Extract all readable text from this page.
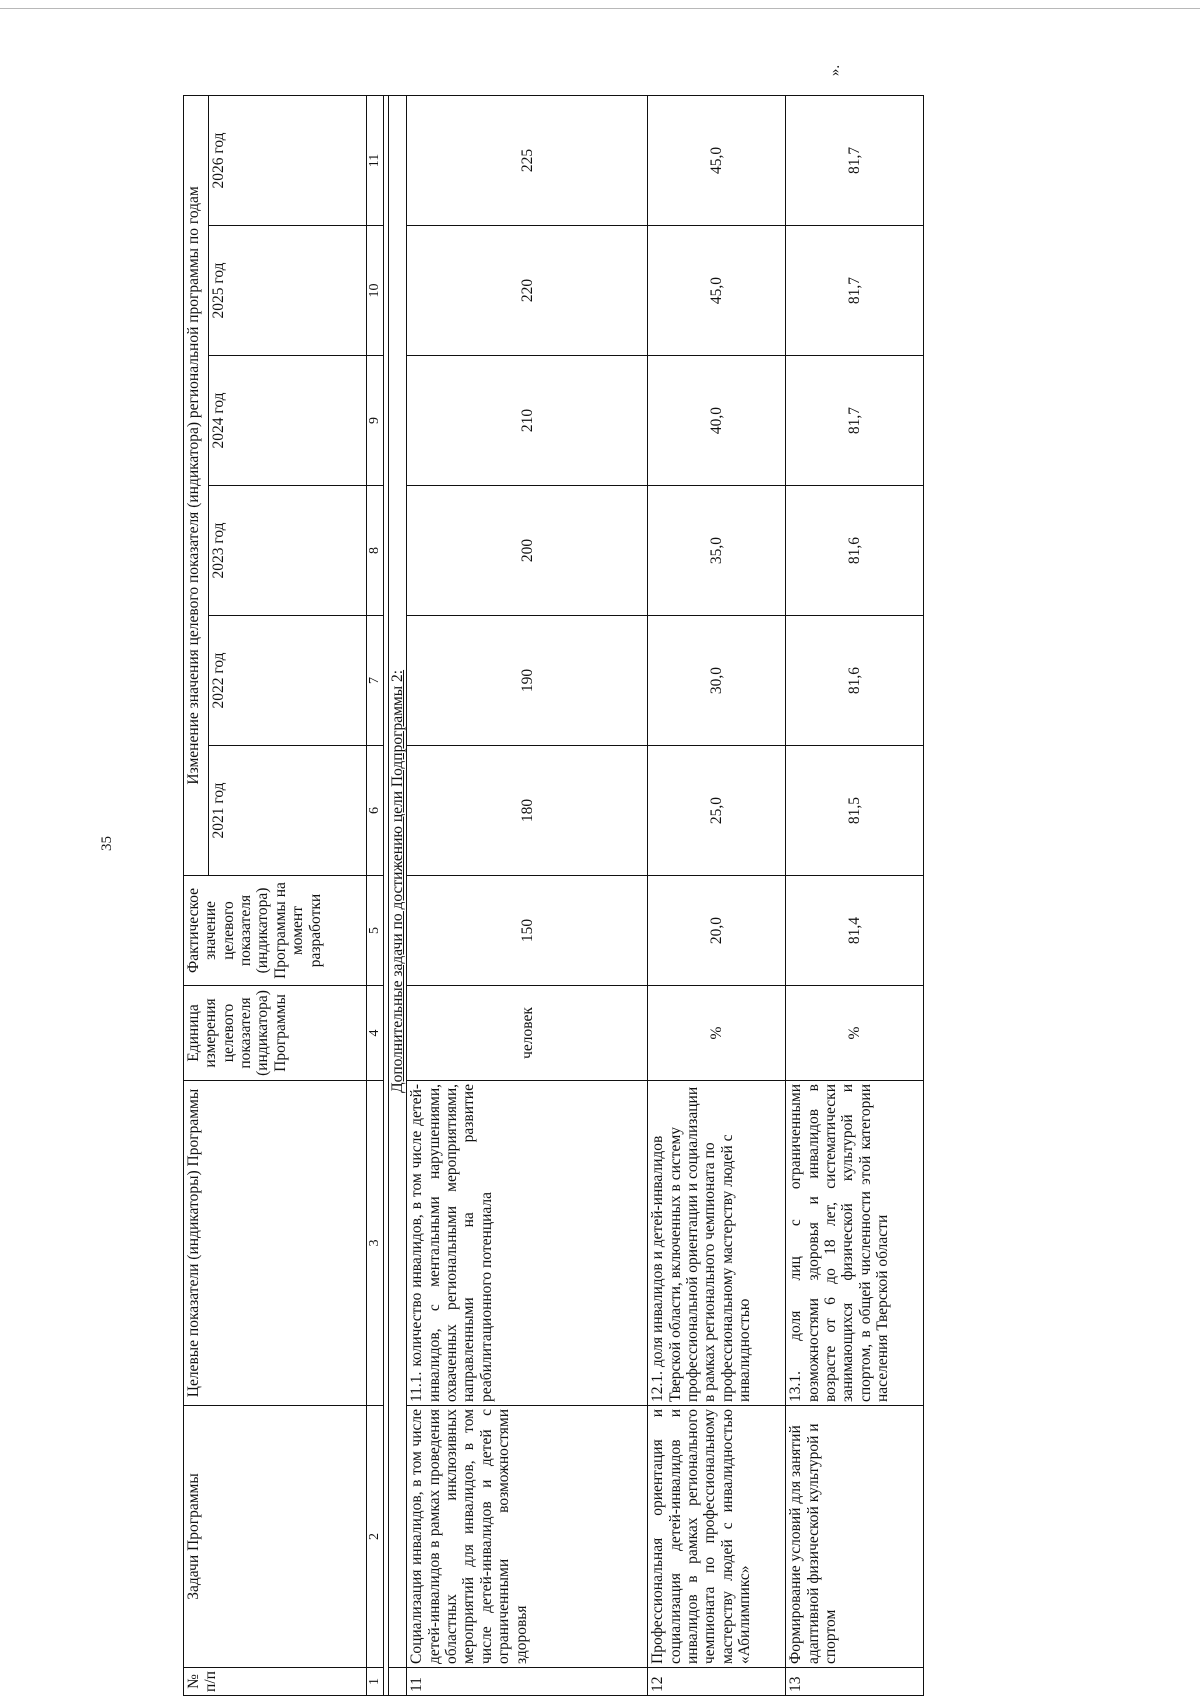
35
».
№
п/п	Задачи Программы	Целевые показатели (индикаторы) Программы	Единица измерения целевого показателя (индикатора) Программы	Фактическое значение целевого показателя (индикатора) Программы на момент разработки	Изменение значения целевого показателя (индикатора) региональной программы по годам					
					2021 год	2022 год	2023 год	2024 год	2025 год	2026 год
1	2	3	4	5	6	7	8	9	10	11

	Дополнительные задачи по достижению цели Подпрограммы 2:									
11	Социализация инвалидов, в том числе детей-инвалидов в рамках проведения областных инклюзивных мероприятий для инвалидов, в том числе детей-инвалидов и детей с ограниченными возможностями здоровья	11.1. количество инвалидов, в том числе детей-инвалидов, с ментальными нарушениями, охваченных региональными мероприятиями, направленными на развитие реабилитационного потенциала	человек	150	180	190	200	210	220	225
12	Профессиональная ориентация и социализация детей-инвалидов и инвалидов в рамках регионального чемпионата по профессиональному мастерству людей с инвалидностью «Абилимпикс»	12.1. доля инвалидов и детей-инвалидов Тверской области, включенных в систему профессиональной ориентации и социализации в рамках регионального чемпионата по профессиональному мастерству людей с инвалидностью	%	20,0	25,0	30,0	35,0	40,0	45,0	45,0
13	Формирование условий для занятий адаптивной физической культурой и спортом	13.1. доля лиц с ограниченными возможностями здоровья и инвалидов в возрасте от 6 до 18 лет, систематически занимающихся физической культурой и спортом, в общей численности этой категории населения Тверской области	%	81,4	81,5	81,6	81,6	81,7	81,7	81,7
